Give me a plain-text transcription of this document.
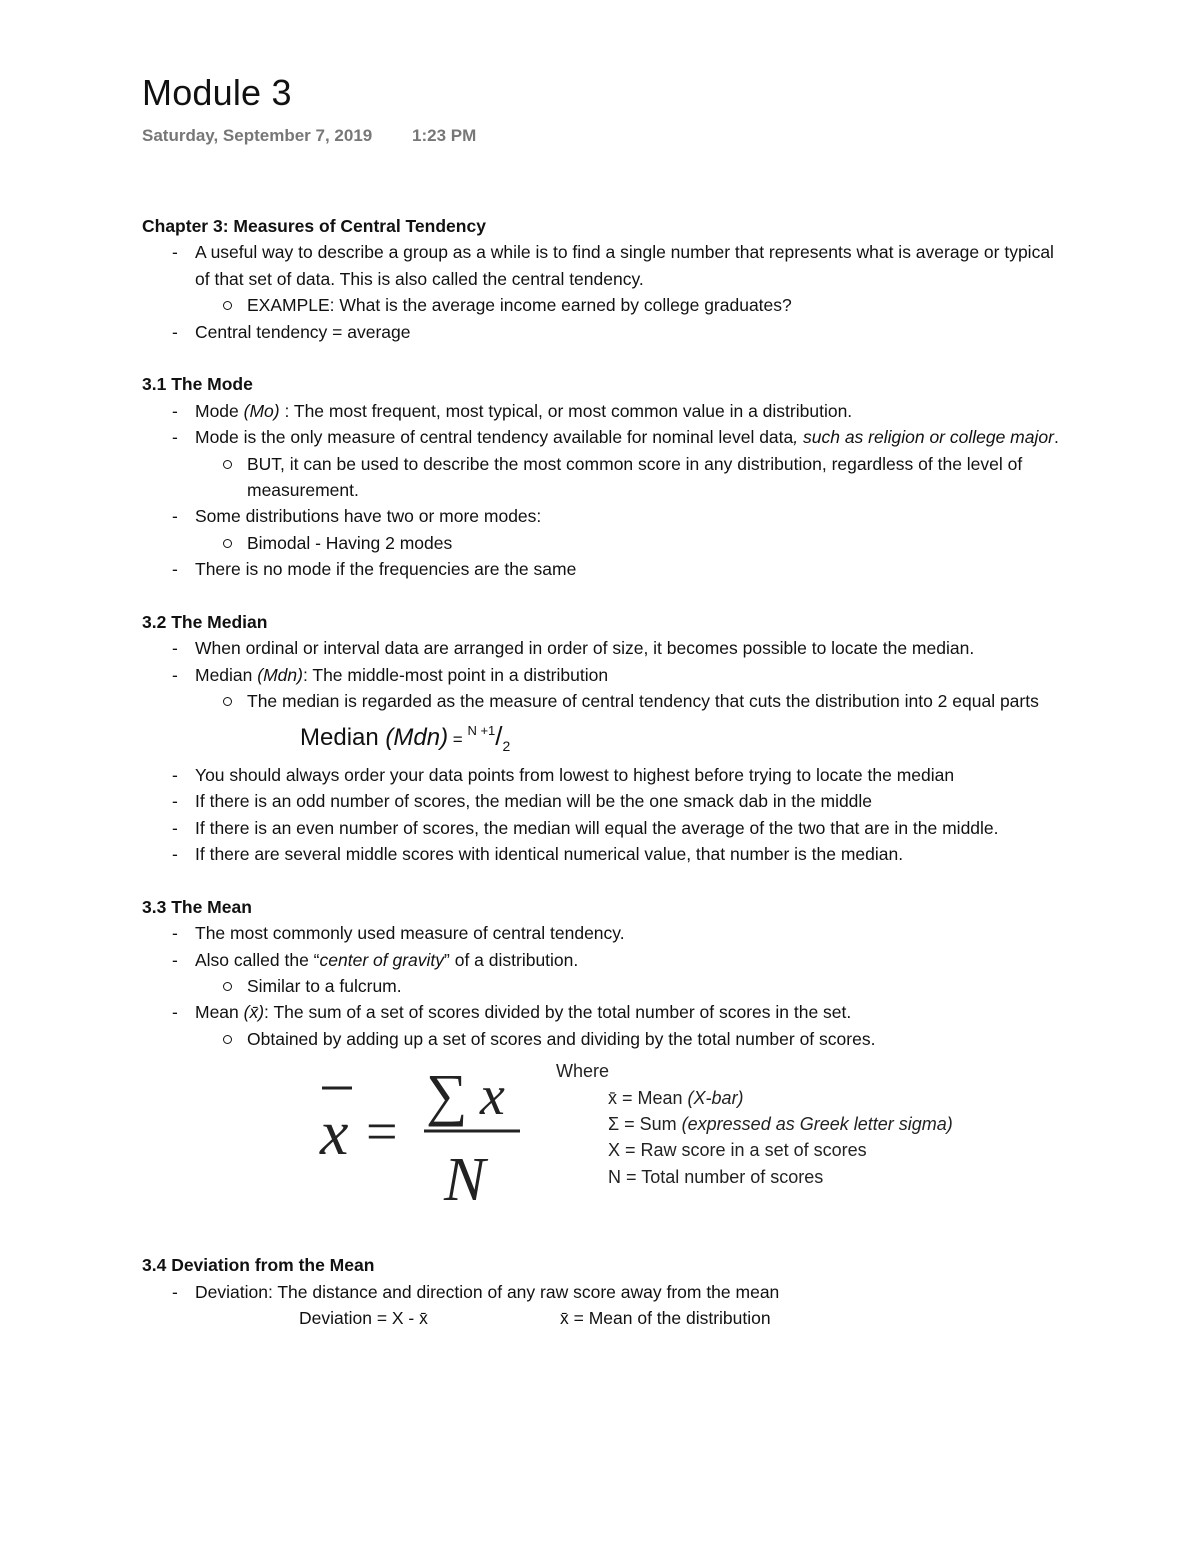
Module 3
Saturday, September 7, 2019 1:23 PM

Chapter 3: Measures of Central Tendency

- A useful way to describe a group as a while is to find a single number that represents what is average or typical of that set of data. This is also called the central tendency.
EXAMPLE: What is the average income earned by college graduates?
- Central tendency = average

3.1 The Mode

- Mode (Mo) : The most frequent, most typical, or most common value in a distribution.
- Mode is the only measure of central tendency available for nominal level data, such as religion or college major.
BUT, it can be used to describe the most common score in any distribution, regardless of the level of measurement.
- Some distributions have two or more modes:
Bimodal - Having 2 modes
- There is no mode if the frequencies are the same

3.2 The Median

- When ordinal or interval data are arranged in order of size, it becomes possible to locate the median.
- Median (Mdn): The middle-most point in a distribution
The median is regarded as the measure of central tendency that cuts the distribution into 2 equal parts
Median $(Mdn) = ^{N +1}/_2$
- You should always order your data points from lowest to highest before trying to locate the median
- If there is an odd number of scores, the median will be the one smack dab in the middle
- If there is an even number of scores, the median will equal the average of the two that are in the middle.
- If there are several middle scores with identical numerical value, that number is the median.

3.3 The Mean

- The most commonly used measure of central tendency.
- Also called the “center of gravity” of a distribution.
Similar to a fulcrum.
- Mean (x̄): The sum of a set of scores divided by the total number of scores in the set.
Obtained by adding up a set of scores and dividing by the total number of scores.
x =
∑ x
N
Where
x̄ = Mean (X-bar)
Σ = Sum (expressed as Greek letter sigma)
X = Raw score in a set of scores
N = Total number of scores

3.4 Deviation from the Mean

- Deviation: The distance and direction of any raw score away from the mean
Deviation = X - x̄	x̄ = Mean of the distribution
